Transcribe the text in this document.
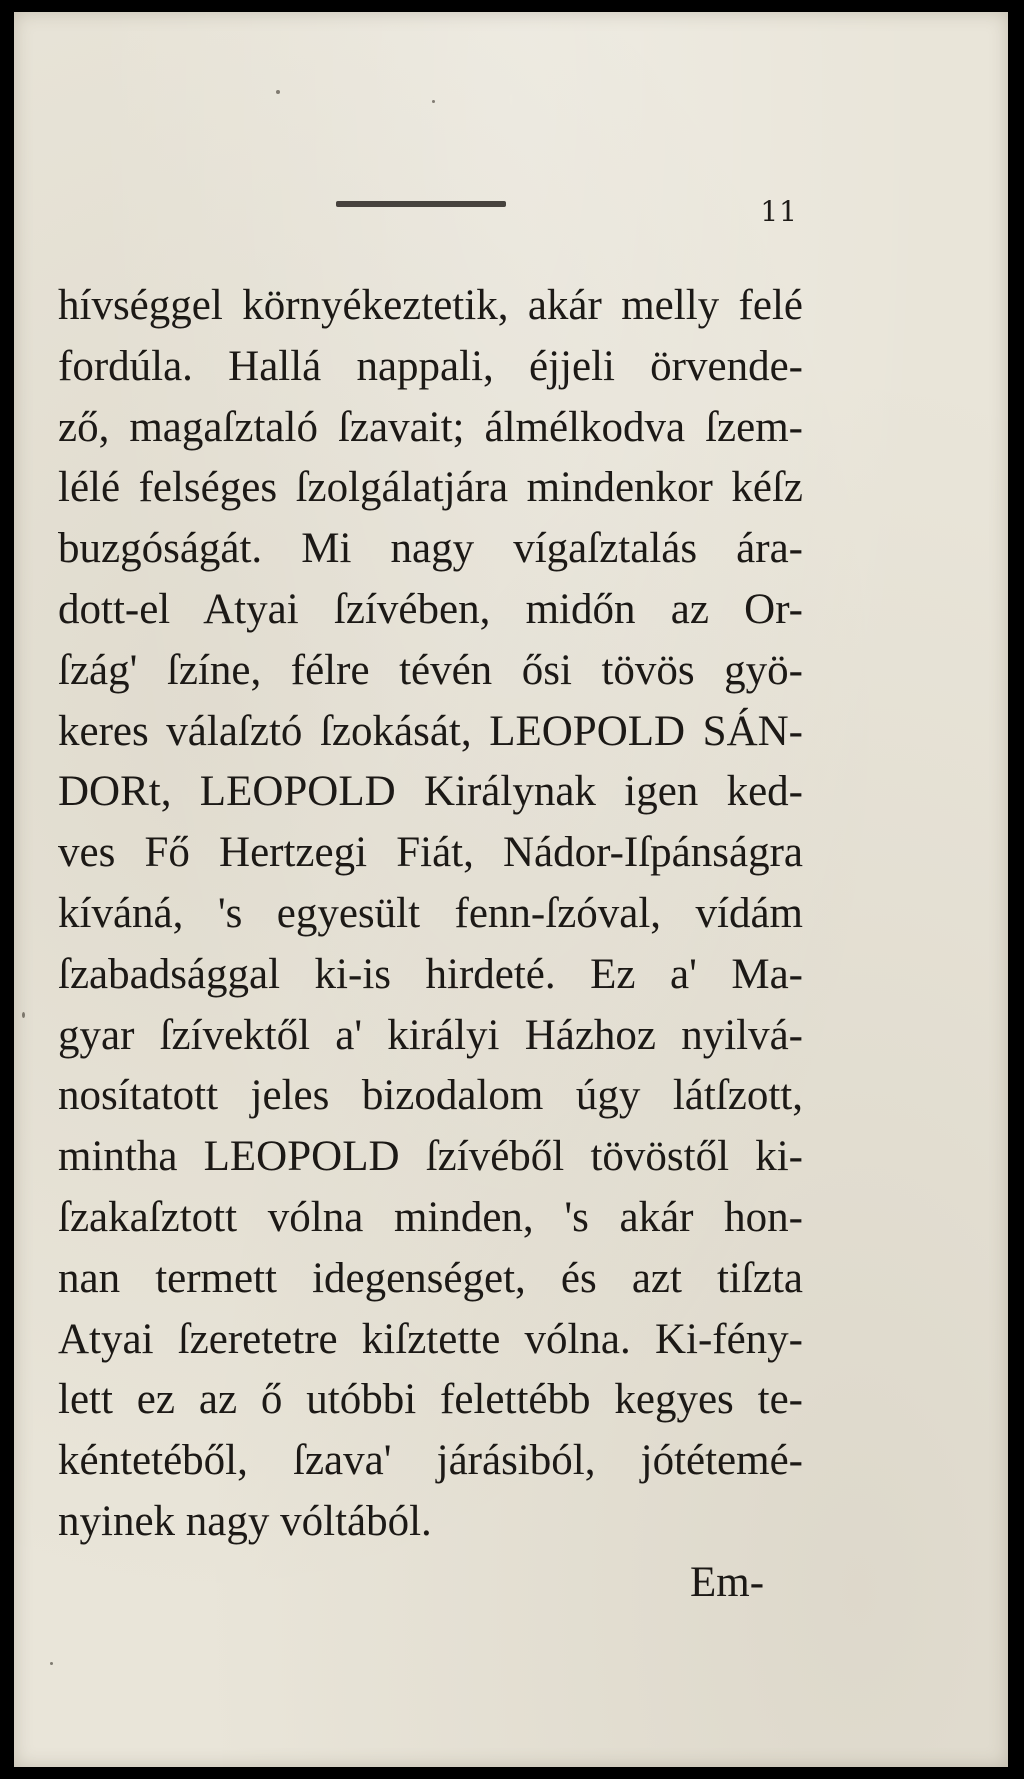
11
hívséggel környékeztetik, akár melly felé
fordúla. Hallá nappali, éjjeli örvende-
ző, magaſztaló ſzavait; álmélkodva ſzem-
lélé felséges ſzolgálatjára mindenkor kéſz
buzgóságát. Mi nagy vígaſztalás ára-
dott-el Atyai ſzívében, midőn az Or-
ſzág' ſzíne, félre tévén ősi tövös gyö-
keres válaſztó ſzokását, LEOPOLD SÁN-
DORt, LEOPOLD Királynak igen ked-
ves Fő Hertzegi Fiát, Nádor-Iſpánságra
kíváná, 's egyesült fenn-ſzóval, vídám
ſzabadsággal ki-is hirdeté. Ez a' Ma-
gyar ſzívektől a' királyi Házhoz nyilvá-
nosítatott jeles bizodalom úgy látſzott,
mintha LEOPOLD ſzívéből tövöstől ki-
ſzakaſztott vólna minden, 's akár hon-
nan termett idegenséget, és azt tiſzta
Atyai ſzeretetre kiſztette vólna. Ki-fény-
lett ez az ő utóbbi felettébb kegyes te-
kéntetéből, ſzava' járásiból, jótétemé-
nyinek nagy vóltából.
Em-
